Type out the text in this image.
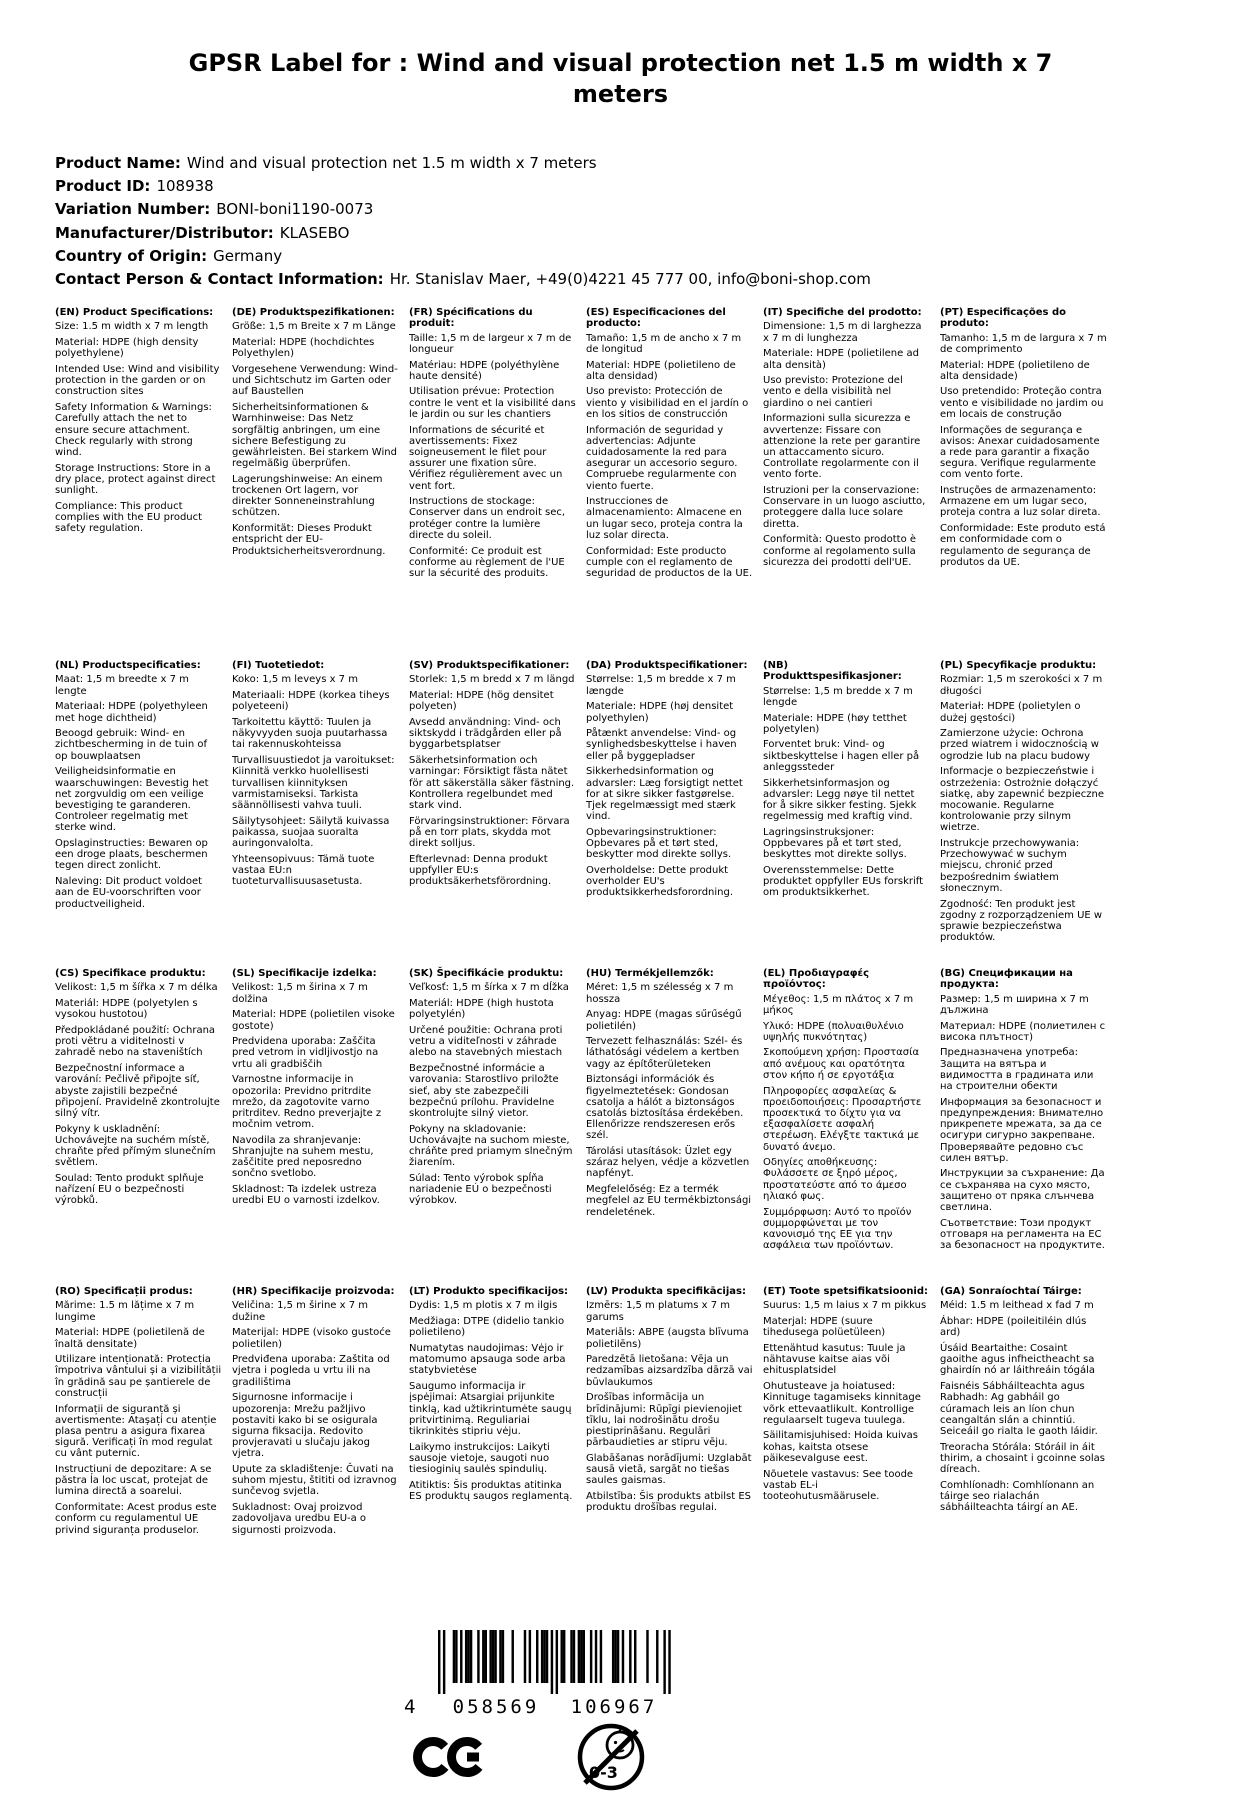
GPSR Label for : Wind and visual protection net 1.5 m width x 7 meters
Product Name: Wind and visual protection net 1.5 m width x 7 meters
Product ID: 108938
Variation Number: BONI-boni1190-0073
Manufacturer/Distributor: KLASEBO
Country of Origin: Germany
Contact Person & Contact Information: Hr. Stanislav Maer, +49(0)4221 45 777 00, info@boni-shop.com
(EN) Product Specifications:

Size: 1.5 m width x 7 m length

Material: HDPE (high density polyethylene)

Intended Use: Wind and visibility protection in the garden or on construction sites

Safety Information & Warnings: Carefully attach the net to ensure secure attachment. Check regularly with strong wind.

Storage Instructions: Store in a dry place, protect against direct sunlight.

Compliance: This product complies with the EU product safety regulation.

(DE) Produktspezifikationen:

Größe: 1,5 m Breite x 7 m Länge

Material: HDPE (hochdichtes Polyethylen)

Vorgesehene Verwendung: Wind- und Sichtschutz im Garten oder auf Baustellen

Sicherheitsinformationen & Warnhinweise: Das Netz sorgfältig anbringen, um eine sichere Befestigung zu gewährleisten. Bei starkem Wind regelmäßig überprüfen.

Lagerungshinweise: An einem trockenen Ort lagern, vor direkter Sonneneinstrahlung schützen.

Konformität: Dieses Produkt entspricht der EU-Produktsicherheitsverordnung.

(FR) Spécifications du produit:

Taille: 1,5 m de largeur x 7 m de longueur

Matériau: HDPE (polyéthylène haute densité)

Utilisation prévue: Protection contre le vent et la visibilité dans le jardin ou sur les chantiers

Informations de sécurité et avertissements: Fixez soigneusement le filet pour assurer une fixation sûre. Vérifiez régulièrement avec un vent fort.

Instructions de stockage: Conserver dans un endroit sec, protéger contre la lumière directe du soleil.

Conformité: Ce produit est conforme au règlement de l'UE sur la sécurité des produits.

(ES) Especificaciones del producto:

Tamaño: 1,5 m de ancho x 7 m de longitud

Material: HDPE (polietileno de alta densidad)

Uso previsto: Protección de viento y visibilidad en el jardín o en los sitios de construcción

Información de seguridad y advertencias: Adjunte cuidadosamente la red para asegurar un accesorio seguro. Compruebe regularmente con viento fuerte.

Instrucciones de almacenamiento: Almacene en un lugar seco, proteja contra la luz solar directa.

Conformidad: Este producto cumple con el reglamento de seguridad de productos de la UE.

(IT) Specifiche del prodotto:

Dimensione: 1,5 m di larghezza x 7 m di lunghezza

Materiale: HDPE (polietilene ad alta densità)

Uso previsto: Protezione del vento e della visibilità nel giardino o nei cantieri

Informazioni sulla sicurezza e avvertenze: Fissare con attenzione la rete per garantire un attaccamento sicuro. Controllate regolarmente con il vento forte.

Istruzioni per la conservazione: Conservare in un luogo asciutto, proteggere dalla luce solare diretta.

Conformità: Questo prodotto è conforme al regolamento sulla sicurezza dei prodotti dell'UE.

(PT) Especificações do produto:

Tamanho: 1,5 m de largura x 7 m de comprimento

Material: HDPE (polietileno de alta densidade)

Uso pretendido: Proteção contra vento e visibilidade no jardim ou em locais de construção

Informações de segurança e avisos: Anexar cuidadosamente a rede para garantir a fixação segura. Verifique regularmente com vento forte.

Instruções de armazenamento: Armazene em um lugar seco, proteja contra a luz solar direta.

Conformidade: Este produto está em conformidade com o regulamento de segurança de produtos da UE.

(NL) Productspecificaties:

Maat: 1,5 m breedte x 7 m lengte

Materiaal: HDPE (polyethyleen met hoge dichtheid)

Beoogd gebruik: Wind- en zichtbescherming in de tuin of op bouwplaatsen

Veiligheidsinformatie en waarschuwingen: Bevestig het net zorgvuldig om een veilige bevestiging te garanderen. Controleer regelmatig met sterke wind.

Opslaginstructies: Bewaren op een droge plaats, beschermen tegen direct zonlicht.

Naleving: Dit product voldoet aan de EU-voorschriften voor productveiligheid.

(FI) Tuotetiedot:

Koko: 1,5 m leveys x 7 m

Materiaali: HDPE (korkea tiheys polyeteeni)

Tarkoitettu käyttö: Tuulen ja näkyvyyden suoja puutarhassa tai rakennuskohteissa

Turvallisuustiedot ja varoitukset: Kiinnitä verkko huolellisesti turvallisen kiinnityksen varmistamiseksi. Tarkista säännöllisesti vahva tuuli.

Säilytysohjeet: Säilytä kuivassa paikassa, suojaa suoralta auringonvalolta.

Yhteensopivuus: Tämä tuote vastaa EU:n tuoteturvallisuusasetusta.

(SV) Produktspecifikationer:

Storlek: 1,5 m bredd x 7 m längd

Material: HDPE (hög densitet polyeten)

Avsedd användning: Vind- och siktskydd i trädgården eller på byggarbetsplatser

Säkerhetsinformation och varningar: Försiktigt fästa nätet för att säkerställa säker fästning. Kontrollera regelbundet med stark vind.

Förvaringsinstruktioner: Förvara på en torr plats, skydda mot direkt solljus.

Efterlevnad: Denna produkt uppfyller EU:s produktsäkerhetsförordning.

(DA) Produktspecifikationer:

Størrelse: 1,5 m bredde x 7 m længde

Materiale: HDPE (høj densitet polyethylen)

Påtænkt anvendelse: Vind- og synlighedsbeskyttelse i haven eller på byggepladser

Sikkerhedsinformation og advarsler: Læg forsigtigt nettet for at sikre sikker fastgørelse. Tjek regelmæssigt med stærk vind.

Opbevaringsinstruktioner: Opbevares på et tørt sted, beskytter mod direkte sollys.

Overholdelse: Dette produkt overholder EU's produktsikkerhedsforordning.

(NB) Produkttspesifikasjoner:

Størrelse: 1,5 m bredde x 7 m lengde

Materiale: HDPE (høy tetthet polyetylen)

Forventet bruk: Vind- og siktbeskyttelse i hagen eller på anleggssteder

Sikkerhetsinformasjon og advarsler: Legg nøye til nettet for å sikre sikker festing. Sjekk regelmessig med kraftig vind.

Lagringsinstruksjoner: Oppbevares på et tørt sted, beskyttes mot direkte sollys.

Overensstemmelse: Dette produktet oppfyller EUs forskrift om produktsikkerhet.

(PL) Specyfikacje produktu:

Rozmiar: 1,5 m szerokości x 7 m długości

Materiał: HDPE (polietylen o dużej gęstości)

Zamierzone użycie: Ochrona przed wiatrem i widocznością w ogrodzie lub na placu budowy

Informacje o bezpieczeństwie i ostrzeżenia: Ostrożnie dołączyć siatkę, aby zapewnić bezpieczne mocowanie. Regularne kontrolowanie przy silnym wietrze.

Instrukcje przechowywania: Przechowywać w suchym miejscu, chronić przed bezpośrednim światłem słonecznym.

Zgodność: Ten produkt jest zgodny z rozporządzeniem UE w sprawie bezpieczeństwa produktów.

(CS) Specifikace produktu:

Velikost: 1,5 m šířka x 7 m délka

Materiál: HDPE (polyetylen s vysokou hustotou)

Předpokládané použití: Ochrana proti větru a viditelnosti v zahradě nebo na staveništích

Bezpečnostní informace a varování: Pečlivě připojte síť, abyste zajistili bezpečné připojení. Pravidelně zkontrolujte silný vítr.

Pokyny k uskladnění: Uchovávejte na suchém místě, chraňte před přímým slunečním světlem.

Soulad: Tento produkt splňuje nařízení EU o bezpečnosti výrobků.

(SL) Specifikacije izdelka:

Velikost: 1,5 m širina x 7 m dolžina

Material: HDPE (polietilen visoke gostote)

Predvidena uporaba: Zaščita pred vetrom in vidljivostjo na vrtu ali gradbiščih

Varnostne informacije in opozorila: Previdno pritrdite mrežo, da zagotovite varno pritrditev. Redno preverjajte z močnim vetrom.

Navodila za shranjevanje: Shranjujte na suhem mestu, zaščitite pred neposredno sončno svetlobo.

Skladnost: Ta izdelek ustreza uredbi EU o varnosti izdelkov.

(SK) Špecifikácie produktu:

Veľkosť: 1,5 m šírka x 7 m dĺžka

Materiál: HDPE (high hustota polyetylén)

Určené použitie: Ochrana proti vetru a viditeľnosti v záhrade alebo na stavebných miestach

Bezpečnostné informácie a varovania: Starostlivo priložte sieť, aby ste zabezpečili bezpečnú prílohu. Pravidelne skontrolujte silný vietor.

Pokyny na skladovanie: Uchovávajte na suchom mieste, chráňte pred priamym slnečným žiarením.

Súlad: Tento výrobok spĺňa nariadenie EÚ o bezpečnosti výrobkov.

(HU) Termékjellemzők:

Méret: 1,5 m szélesség x 7 m hossza

Anyag: HDPE (magas sűrűségű polietilén)

Tervezett felhasználás: Szél- és láthatósági védelem a kertben vagy az építőterületeken

Biztonsági információk és figyelmeztetések: Gondosan csatolja a hálót a biztonságos csatolás biztosítása érdekében. Ellenőrizze rendszeresen erős szél.

Tárolási utasítások: Üzlet egy száraz helyen, védje a közvetlen napfényt.

Megfelelőség: Ez a termék megfelel az EU termékbiztonsági rendeletének.

(EL) Προδιαγραφές προϊόντος:

Μέγεθος: 1,5 m πλάτος x 7 m μήκος

Υλικό: HDPE (πολυαιθυλένιο υψηλής πυκνότητας)

Σκοπούμενη χρήση: Προστασία από ανέμους και ορατότητα στον κήπο ή σε εργοτάξια

Πληροφορίες ασφαλείας & προειδοποιήσεις: Προσαρτήστε προσεκτικά το δίχτυ για να εξασφαλίσετε ασφαλή στερέωση. Ελέγξτε τακτικά με δυνατό άνεμο.

Οδηγίες αποθήκευσης: Φυλάσσετε σε ξηρό μέρος, προστατεύστε από το άμεσο ηλιακό φως.

Συμμόρφωση: Αυτό το προϊόν συμμορφώνεται με τον κανονισμό της ΕΕ για την ασφάλεια των προϊόντων.

(BG) Спецификации на продукта:

Размер: 1,5 m ширина x 7 m дължина

Материал: HDPE (полиетилен с висока плътност)

Предназначена употреба: Защита на вятъра и видимостта в градината или на строителни обекти

Информация за безопасност и предупреждения: Внимателно прикрепете мрежата, за да се осигури сигурно закрепване. Проверявайте редовно със силен вятър.

Инструкции за съхранение: Да се съхранява на сухо място, защитено от пряка слънчева светлина.

Съответствие: Този продукт отговаря на регламента на ЕС за безопасност на продуктите.

(RO) Specificații produs:

Mărime: 1.5 m lățime x 7 m lungime

Material: HDPE (polietilenă de înaltă densitate)

Utilizare intenționată: Protecția împotriva vântului și a vizibilității în grădină sau pe șantierele de construcții

Informații de siguranță și avertismente: Atașați cu atenție plasa pentru a asigura fixarea sigură. Verificați în mod regulat cu vânt puternic.

Instrucțiuni de depozitare: A se păstra la loc uscat, protejat de lumina directă a soarelui.

Conformitate: Acest produs este conform cu regulamentul UE privind siguranța produselor.

(HR) Specifikacije proizvoda:

Veličina: 1,5 m širine x 7 m dužine

Materijal: HDPE (visoko gustoće polietilen)

Predviđena uporaba: Zaštita od vjetra i pogleda u vrtu ili na gradilištima

Sigurnosne informacije i upozorenja: Mrežu pažljivo postaviti kako bi se osigurala sigurna fiksacija. Redovito provjeravati u slučaju jakog vjetra.

Upute za skladištenje: Čuvati na suhom mjestu, štititi od izravnog sunčevog svjetla.

Sukladnost: Ovaj proizvod zadovoljava uredbu EU-a o sigurnosti proizvoda.

(LT) Produkto specifikacijos:

Dydis: 1,5 m plotis x 7 m ilgis

Medžiaga: DTPE (didelio tankio polietileno)

Numatytas naudojimas: Vėjo ir matomumo apsauga sode arba statybvietėse

Saugumo informacija ir įspėjimai: Atsargiai prijunkite tinklą, kad užtikrintumėte saugų pritvirtinimą. Reguliariai tikrinkitės stipriu vėju.

Laikymo instrukcijos: Laikyti sausoje vietoje, saugoti nuo tiesioginių saulės spindulių.

Atitiktis: Šis produktas atitinka ES produktų saugos reglamentą.

(LV) Produkta specifikācijas:

Izmērs: 1,5 m platums x 7 m garums

Materiāls: ABPE (augsta blīvuma polietilēns)

Paredzētā lietošana: Vēja un redzamības aizsardzība dārzā vai būvlaukumos

Drošības informācija un brīdinājumi: Rūpīgi pievienojiet tīklu, lai nodrošinātu drošu piestiprināšanu. Regulāri pārbaudieties ar stipru vēju.

Glabāšanas norādījumi: Uzglabāt sausā vietā, sargāt no tiešas saules gaismas.

Atbilstība: Šis produkts atbilst ES produktu drošības regulai.

(ET) Toote spetsifikatsioonid:

Suurus: 1,5 m laius x 7 m pikkus

Materjal: HDPE (suure tihedusega polüetüleen)

Ettenähtud kasutus: Tuule ja nähtavuse kaitse aias või ehitusplatsidel

Ohutusteave ja hoiatused: Kinnituge tagamiseks kinnitage võrk ettevaatlikult. Kontrollige regulaarselt tugeva tuulega.

Säilitamisjuhised: Hoida kuivas kohas, kaitsta otsese päikesevalguse eest.

Nõuetele vastavus: See toode vastab EL-i tooteohutusmäärusele.

(GA) Sonraíochtaí Táirge:

Méid: 1.5 m leithead x fad 7 m

Ábhar: HDPE (poileitiléin dlús ard)

Úsáid Beartaithe: Cosaint gaoithe agus infheictheacht sa ghairdín nó ar láithreáin tógála

Faisnéis Sábháilteachta agus Rabhadh: Ag gabháil go cúramach leis an líon chun ceangaltán slán a chinntiú. Seiceáil go rialta le gaoth láidir.

Treoracha Stórála: Stóráil in áit thirim, a chosaint i gcoinne solas díreach.

Comhlíonadh: Comhlíonann an táirge seo rialachán sábháilteachta táirgí an AE.

4	058569	106967
0-3
